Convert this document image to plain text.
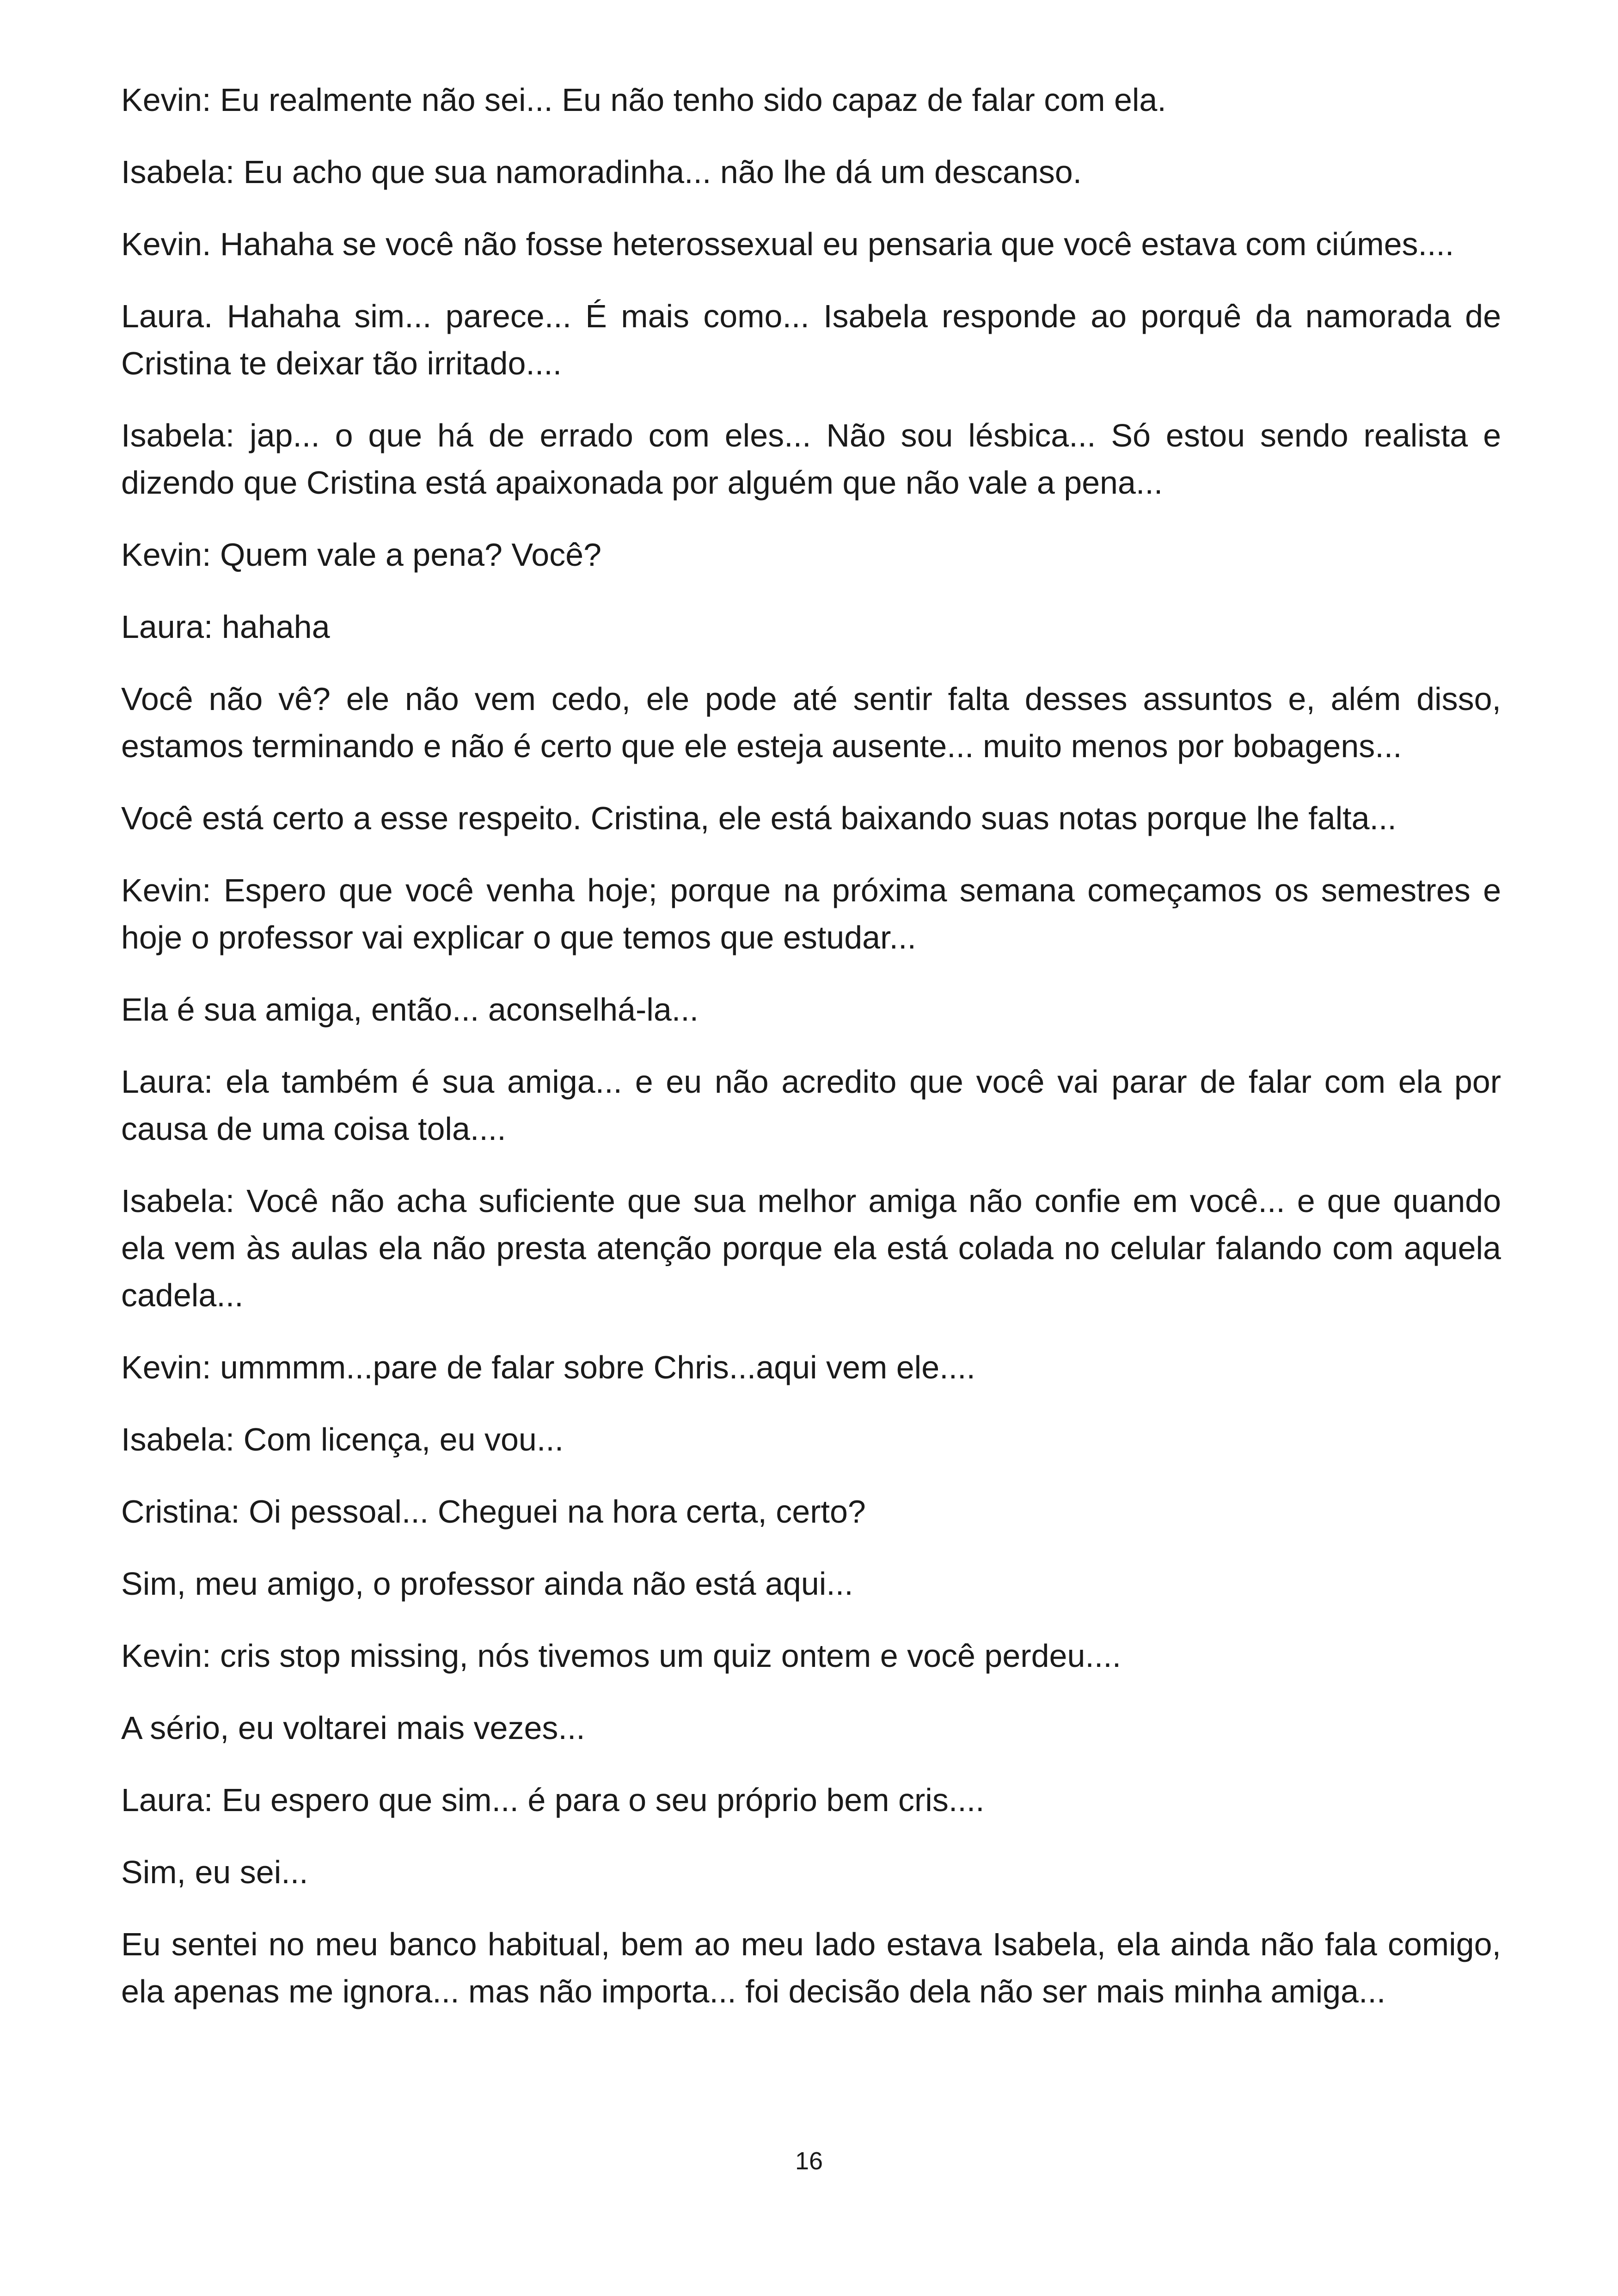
Kevin: Eu realmente não sei... Eu não tenho sido capaz de falar com ela.

Isabela: Eu acho que sua namoradinha... não lhe dá um descanso.

Kevin. Hahaha se você não fosse heterossexual eu pensaria que você estava com ciúmes....

Laura. Hahaha sim... parece... É mais como... Isabela responde ao porquê da namorada de Cristina te deixar tão irritado....

Isabela: jap... o que há de errado com eles... Não sou lésbica... Só estou sendo realista e dizendo que Cristina está apaixonada por alguém que não vale a pena...

Kevin: Quem vale a pena? Você?

Laura: hahaha

Você não vê? ele não vem cedo, ele pode até sentir falta desses assuntos e, além disso, estamos terminando e não é certo que ele esteja ausente... muito menos por bobagens...

Você está certo a esse respeito. Cristina, ele está baixando suas notas porque lhe falta...

Kevin: Espero que você venha hoje; porque na próxima semana começamos os semestres e hoje o professor vai explicar o que temos que estudar...

Ela é sua amiga, então... aconselhá-la...

Laura: ela também é sua amiga... e eu não acredito que você vai parar de falar com ela por causa de uma coisa tola....

Isabela: Você não acha suficiente que sua melhor amiga não confie em você... e que quando ela vem às aulas ela não presta atenção porque ela está colada no celular falando com aquela cadela...

Kevin: ummmm...pare de falar sobre Chris...aqui vem ele....

Isabela: Com licença, eu vou...

Cristina: Oi pessoal... Cheguei na hora certa, certo?

Sim, meu amigo, o professor ainda não está aqui...

Kevin: cris stop missing, nós tivemos um quiz ontem e você perdeu....

A sério, eu voltarei mais vezes...

Laura: Eu espero que sim... é para o seu próprio bem cris....

Sim, eu sei...

Eu sentei no meu banco habitual, bem ao meu lado estava Isabela, ela ainda não fala comigo, ela apenas me ignora... mas não importa... foi decisão dela não ser mais minha amiga...

16
